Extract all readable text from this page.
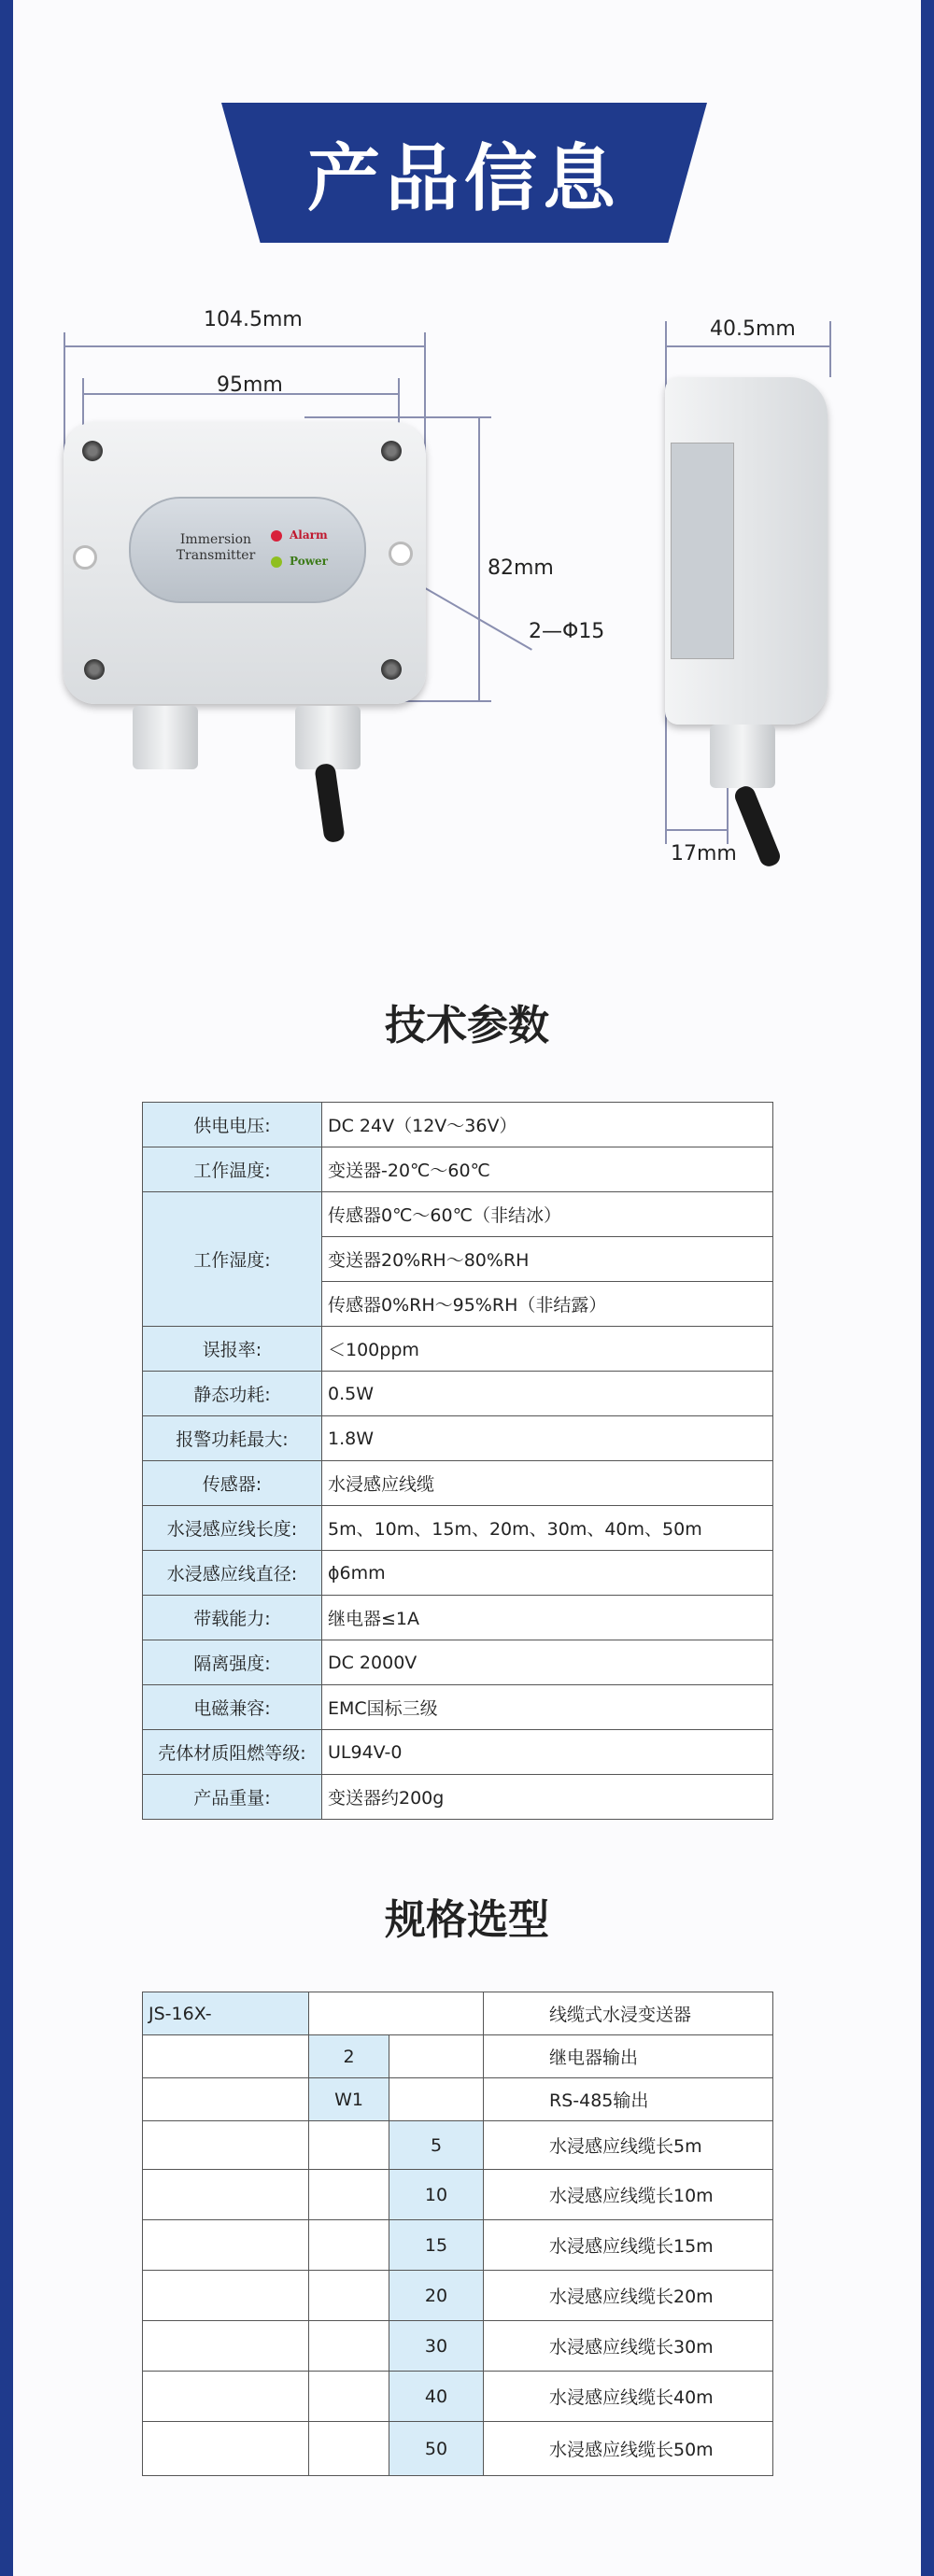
产品信息
104.5mm
95mm
82mm
2—Φ15
Immersion
Transmitter
Alarm
Power
40.5mm
17mm
技术参数
供电电压:	DC 24V（12V～36V）
工作温度:	变送器-20℃～60℃
工作湿度:	传感器0℃～60℃（非结冰）
	变送器20%RH～80%RH
	传感器0%RH～95%RH（非结露）
误报率:	＜100ppm
静态功耗:	0.5W
报警功耗最大:	1.8W
传感器:	水浸感应线缆
水浸感应线长度:	5m、10m、15m、20m、30m、40m、50m
水浸感应线直径:	ϕ6mm
带载能力:	继电器≤1A
隔离强度:	DC 2000V
电磁兼容:	EMC国标三级
壳体材质阻燃等级:	UL94V-0
产品重量:	变送器约200g
规格选型
JS-16X-			线缆式水浸变送器
	2		继电器输出
	W1		RS-485输出
		5	水浸感应线缆长5m
		10	水浸感应线缆长10m
		15	水浸感应线缆长15m
		20	水浸感应线缆长20m
		30	水浸感应线缆长30m
		40	水浸感应线缆长40m
		50	水浸感应线缆长50m
